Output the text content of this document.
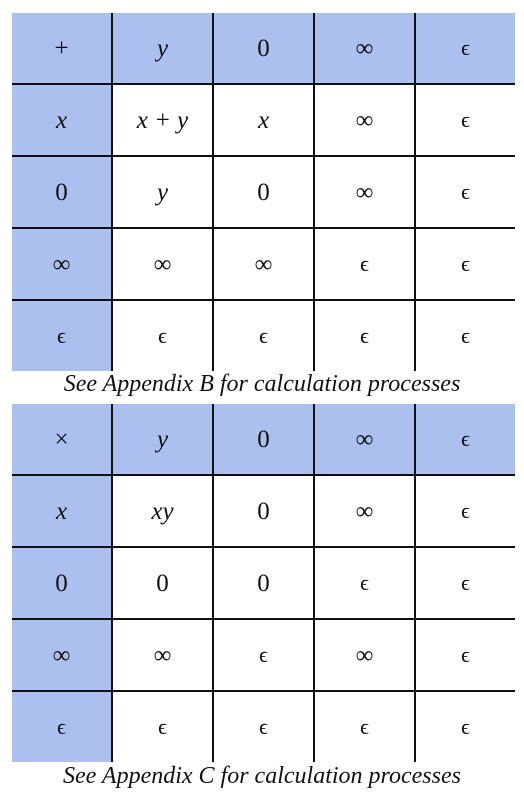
+	y	0	∞	ϵ
x	x + y	x	∞	ϵ
0	y	0	∞	ϵ
∞	∞	∞	ϵ	ϵ
ϵ	ϵ	ϵ	ϵ	ϵ
See Appendix B for calculation processes
×	y	0	∞	ϵ
x	xy	0	∞	ϵ
0	0	0	ϵ	ϵ
∞	∞	ϵ	∞	ϵ
ϵ	ϵ	ϵ	ϵ	ϵ
See Appendix C for calculation processes
